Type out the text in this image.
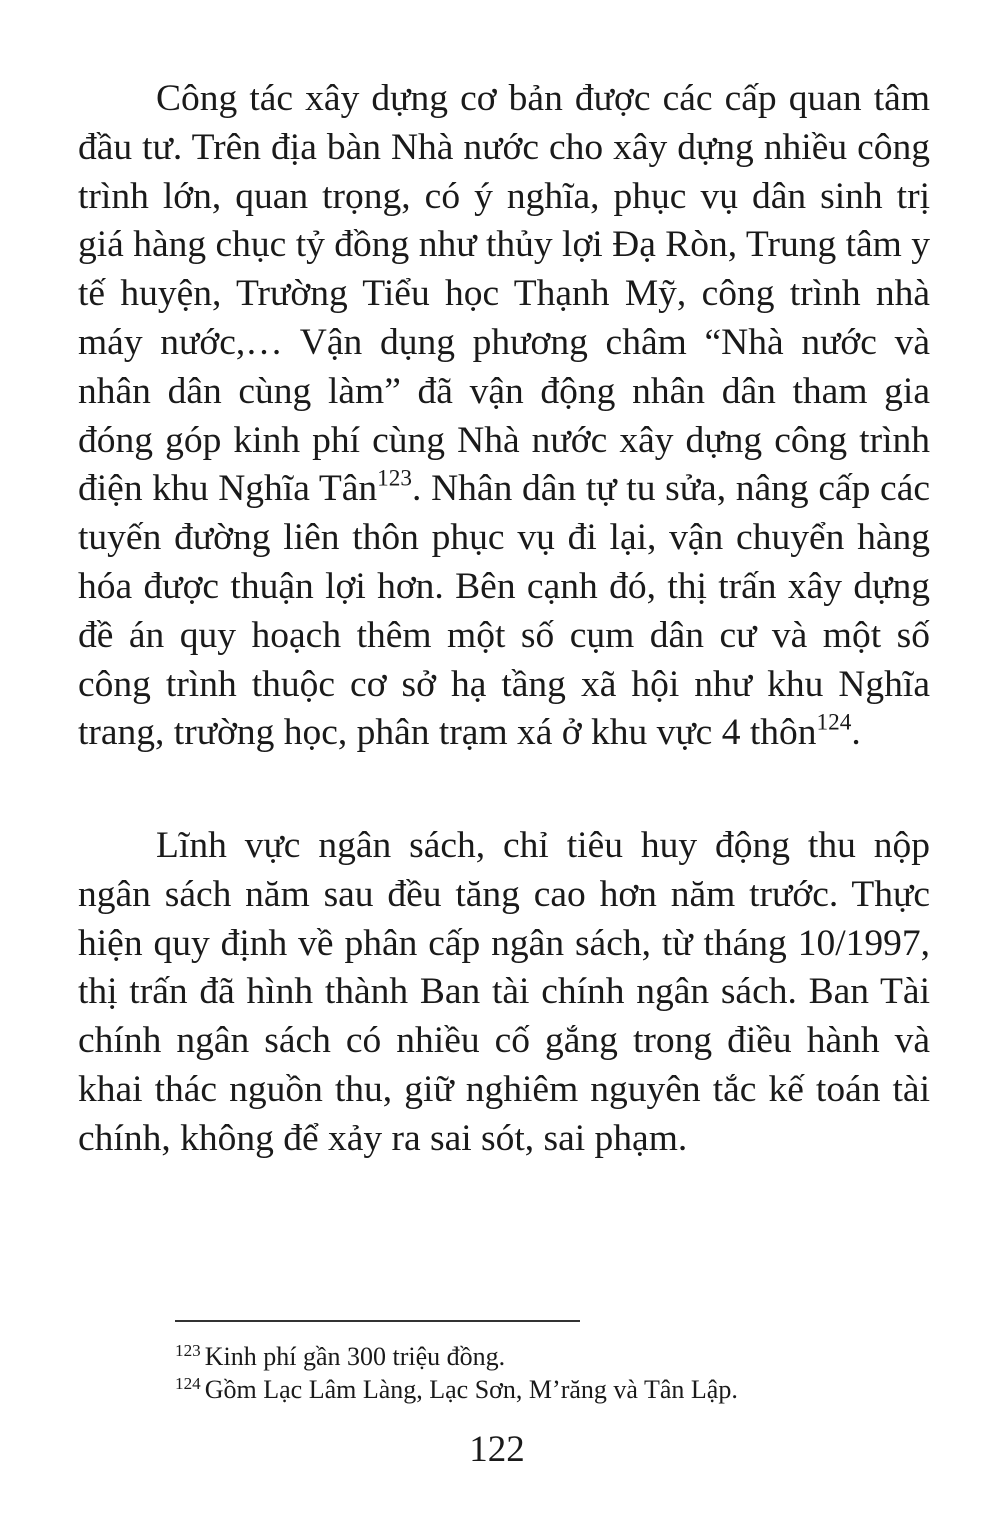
Công tác xây dựng cơ bản được các cấp quan tâm đầu tư. Trên địa bàn Nhà nước cho xây dựng nhiều công trình lớn, quan trọng, có ý nghĩa, phục vụ dân sinh trị giá hàng chục tỷ đồng như thủy lợi Đạ Ròn, Trung tâm y tế huyện, Trường Tiểu học Thạnh Mỹ, công trình nhà máy nước,… Vận dụng phương châm “Nhà nước và nhân dân cùng làm” đã vận động nhân dân tham gia đóng góp kinh phí cùng Nhà nước xây dựng công trình điện khu Nghĩa Tân$^{123}$. Nhân dân tự tu sửa, nâng cấp các tuyến đường liên thôn phục vụ đi lại, vận chuyển hàng hóa được thuận lợi hơn. Bên cạnh đó, thị trấn xây dựng đề án quy hoạch thêm một số cụm dân cư và một số công trình thuộc cơ sở hạ tầng xã hội như khu Nghĩa trang, trường học, phân trạm xá ở khu vực 4 thôn$^{124}$.

Lĩnh vực ngân sách, chỉ tiêu huy động thu nộp ngân sách năm sau đều tăng cao hơn năm trước. Thực hiện quy định về phân cấp ngân sách, từ tháng 10/1997, thị trấn đã hình thành Ban tài chính ngân sách. Ban Tài chính ngân sách có nhiều cố gắng trong điều hành và khai thác nguồn thu, giữ nghiêm nguyên tắc kế toán tài chính, không để xảy ra sai sót, sai phạm.

$^{123}$ Kinh phí gần 300 triệu đồng.
$^{124}$ Gồm Lạc Lâm Làng, Lạc Sơn, M’răng và Tân Lập.
122
